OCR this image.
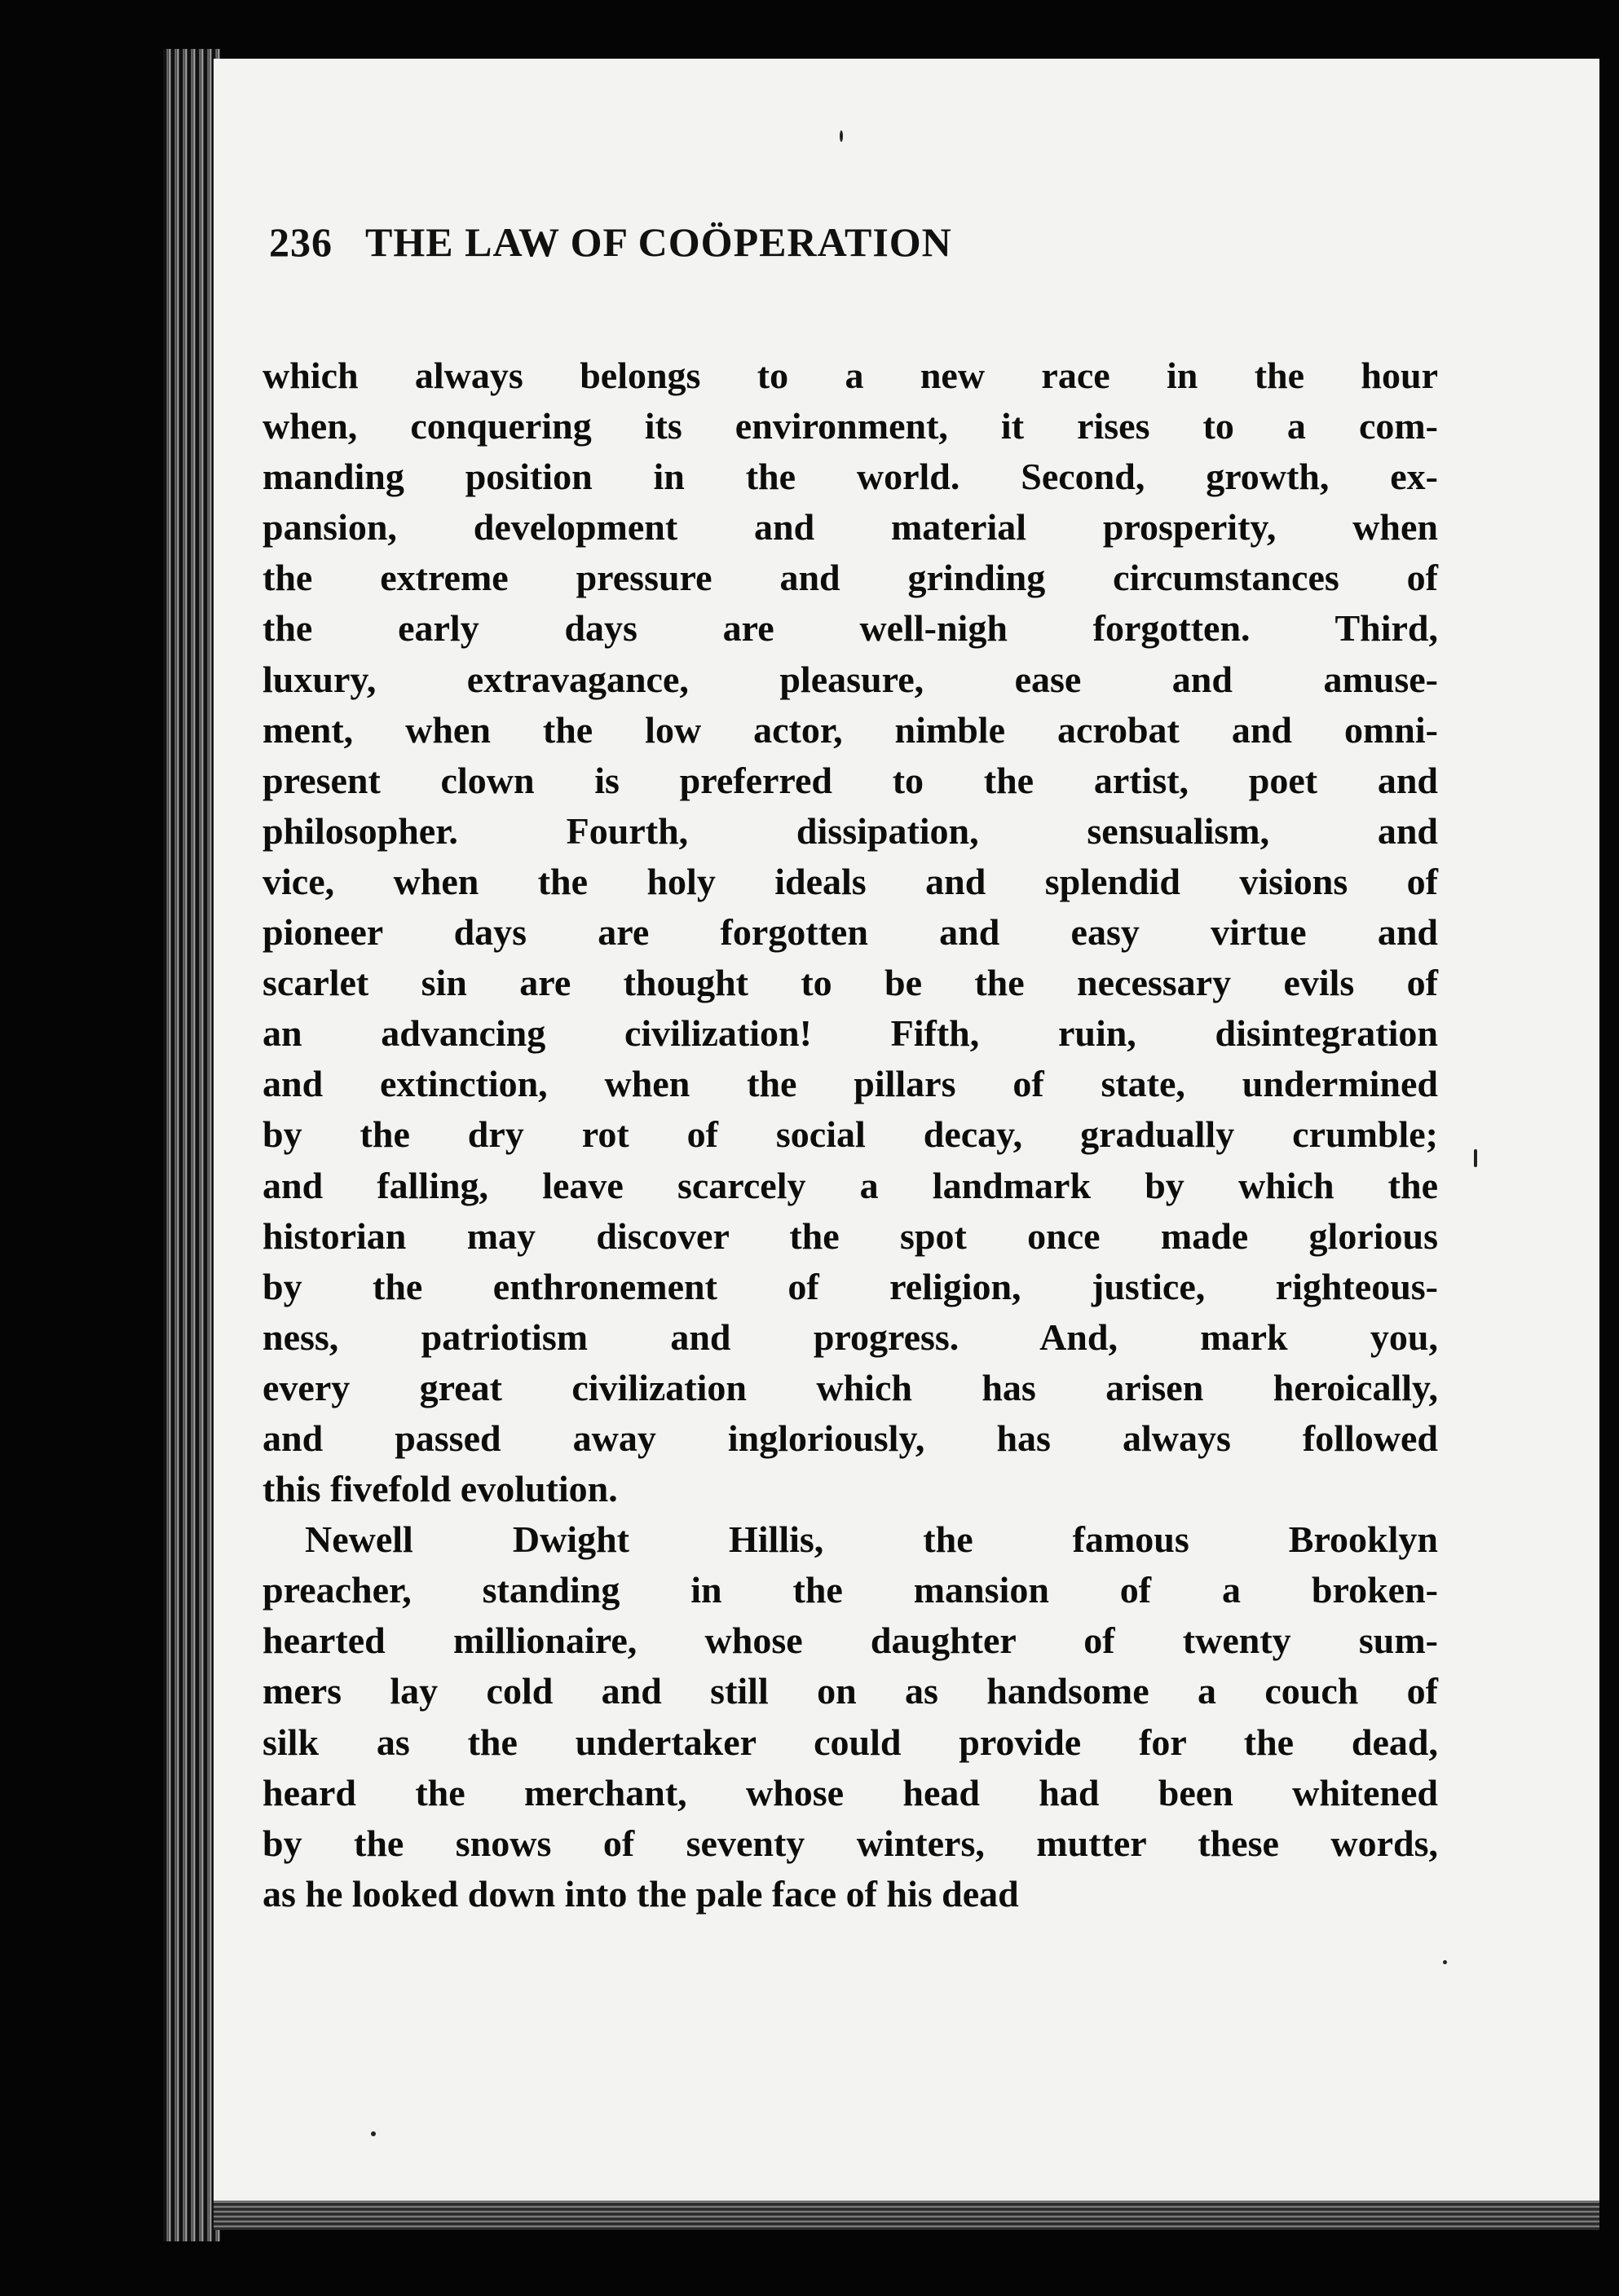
236 THE LAW OF COÖPERATION
which always belongs to a new race in the hour
when, conquering its environment, it rises to a com-
manding position in the world. Second, growth, ex-
pansion, development and material prosperity, when
the extreme pressure and grinding circumstances of
the early days are well-nigh forgotten. Third,
luxury, extravagance, pleasure, ease and amuse-
ment, when the low actor, nimble acrobat and omni-
present clown is preferred to the artist, poet and
philosopher. Fourth, dissipation, sensualism, and
vice, when the holy ideals and splendid visions of
pioneer days are forgotten and easy virtue and
scarlet sin are thought to be the necessary evils of
an advancing civilization! Fifth, ruin, disintegration
and extinction, when the pillars of state, undermined
by the dry rot of social decay, gradually crumble;
and falling, leave scarcely a landmark by which the
historian may discover the spot once made glorious
by the enthronement of religion, justice, righteous-
ness, patriotism and progress. And, mark you,
every great civilization which has arisen heroically,
and passed away ingloriously, has always followed
this fivefold evolution.
Newell Dwight Hillis, the famous Brooklyn
preacher, standing in the mansion of a broken-
hearted millionaire, whose daughter of twenty sum-
mers lay cold and still on as handsome a couch of
silk as the undertaker could provide for the dead,
heard the merchant, whose head had been whitened
by the snows of seventy winters, mutter these words,
as he looked down into the pale face of his dead
